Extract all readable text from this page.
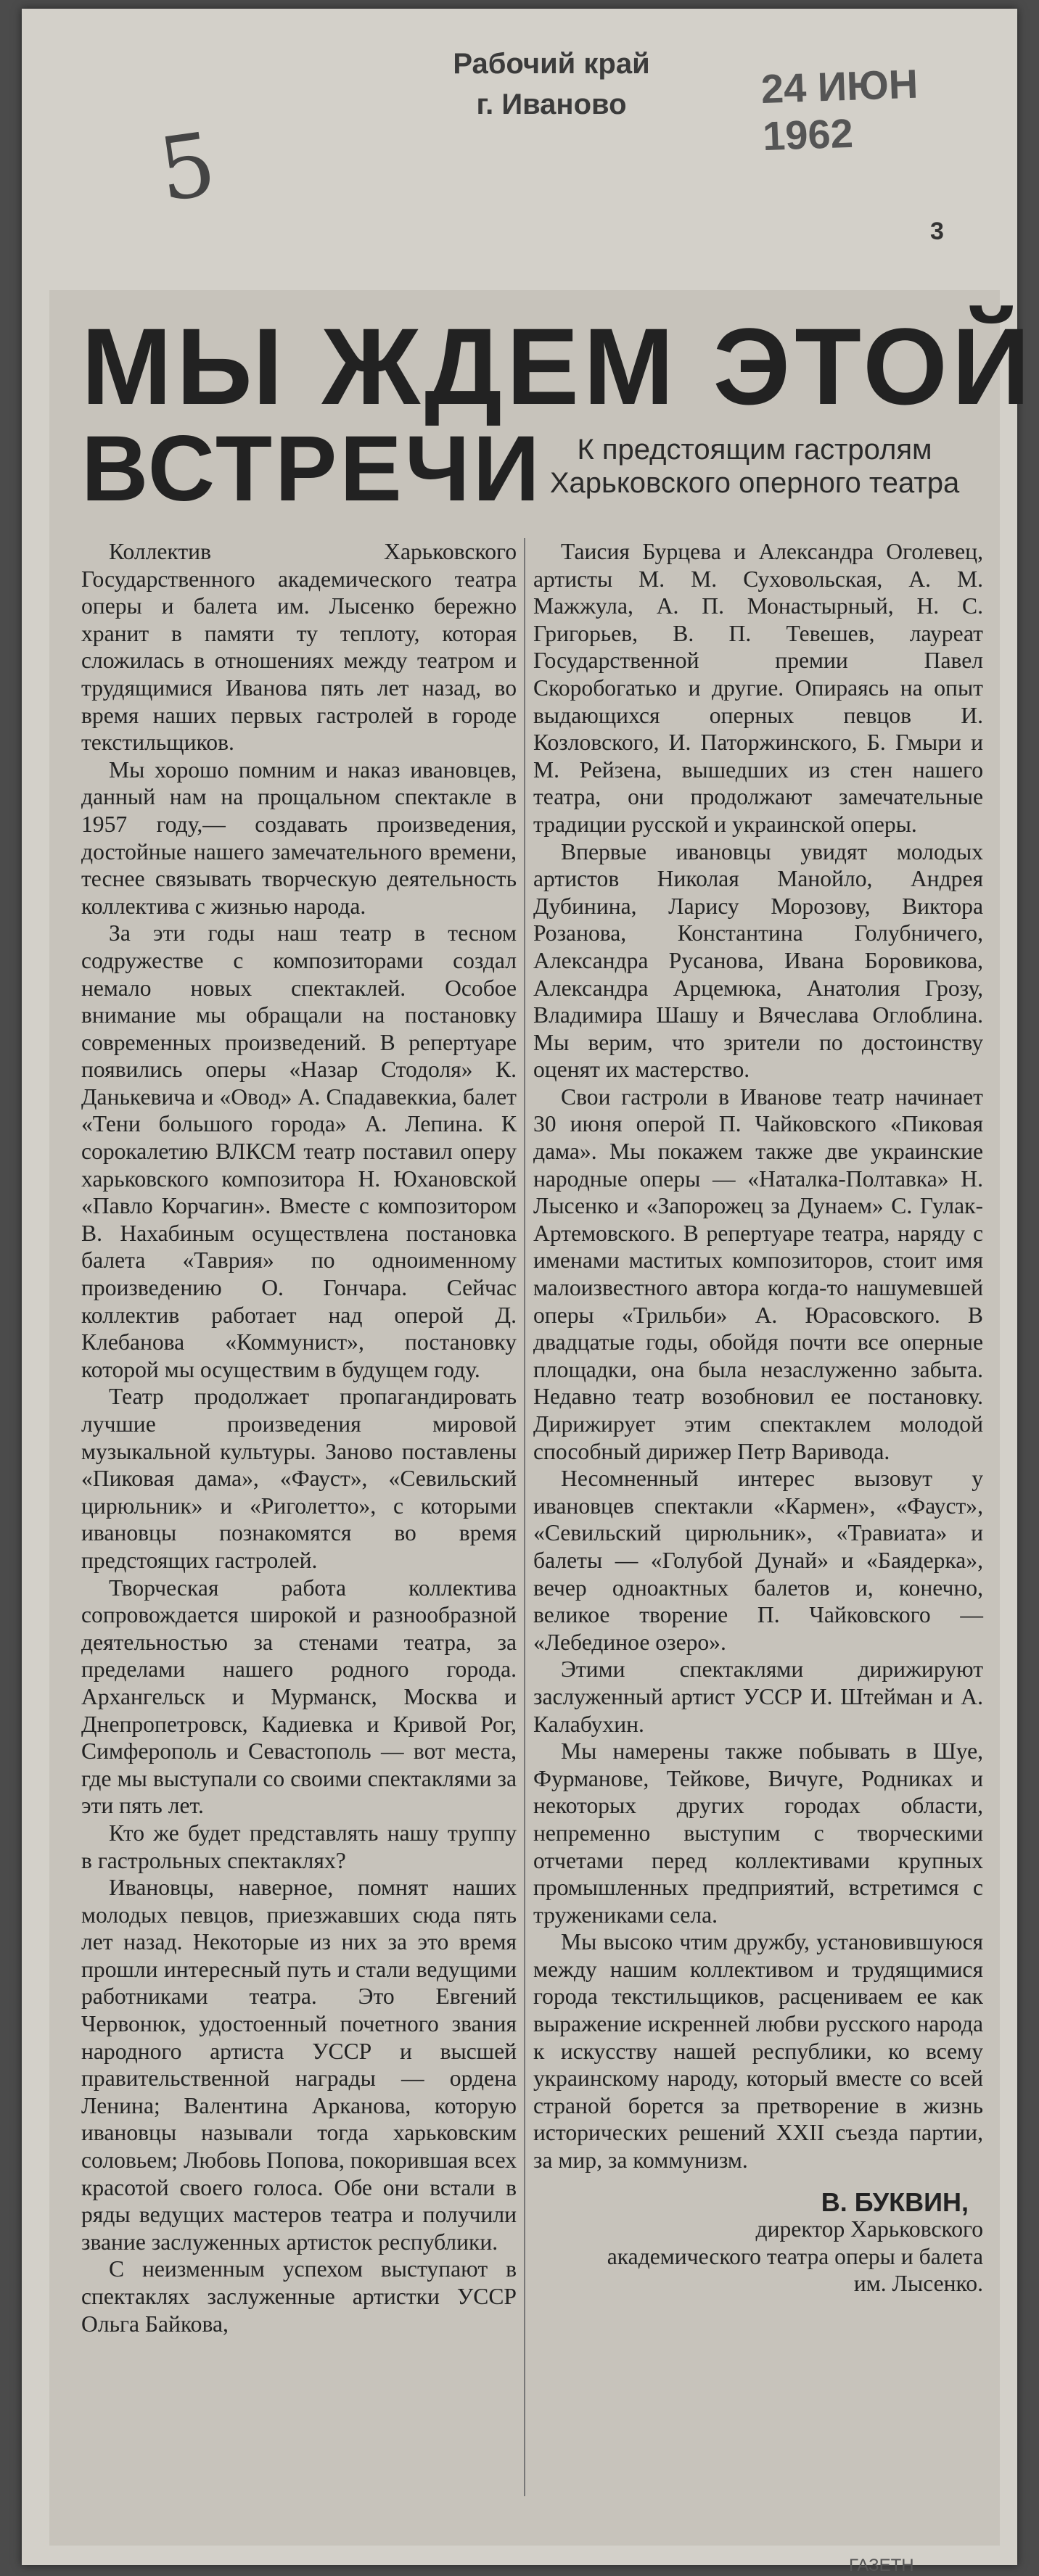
Рабочий край
г. Иваново	24 ИЮН 1962
5
3
МЫ ЖДЕМ ЭТОЙ
ВСТРЕЧИ	К предстоящим гастролям Харьковского оперного театра

Коллектив Харьковского Государственного академического театра оперы и балета им. Лысенко бережно хранит в памяти ту теплоту, которая сложилась в отношениях между театром и трудящимися Иванова пять лет назад, во время наших первых гастролей в городе текстильщиков.

Мы хорошо помним и наказ ивановцев, данный нам на прощальном спектакле в 1957 году,— создавать произведения, достойные нашего замечательного времени, теснее связывать творческую деятельность коллектива с жизнью народа.

За эти годы наш театр в тесном содружестве с композиторами создал немало новых спектаклей. Особое внимание мы обращали на постановку современных произведений. В репертуаре появились оперы «Назар Стодоля» К. Данькевича и «Овод» А. Спадавеккиа, балет «Тени большого города» А. Лепина. К сорокалетию ВЛКСМ театр поставил оперу харьковского композитора Н. Юхановской «Павло Корчагин». Вместе с композитором В. Нахабиным осуществлена постановка балета «Таврия» по одноименному произведению О. Гончара. Сейчас коллектив работает над оперой Д. Клебанова «Коммунист», постановку которой мы осуществим в будущем году.

Театр продолжает пропагандировать лучшие произведения мировой музыкальной культуры. Заново поставлены «Пиковая дама», «Фауст», «Севильский цирюльник» и «Риголетто», с которыми ивановцы познакомятся во время предстоящих гастролей.

Творческая работа коллектива сопровождается широкой и разнообразной деятельностью за стенами театра, за пределами нашего родного города. Архангельск и Мурманск, Москва и Днепропетровск, Кадиевка и Кривой Рог, Симферополь и Севастополь — вот места, где мы выступали со своими спектаклями за эти пять лет.

Кто же будет представлять нашу труппу в гастрольных спектаклях?

Ивановцы, наверное, помнят наших молодых певцов, приезжавших сюда пять лет назад. Некоторые из них за это время прошли интересный путь и стали ведущими работниками театра. Это Евгений Червонюк, удостоенный почетного звания народного артиста УССР и высшей правительственной награды — ордена Ленина; Валентина Арканова, которую ивановцы называли тогда харьковским соловьем; Любовь Попова, покорившая всех красотой своего голоса. Обе они встали в ряды ведущих мастеров театра и получили звание заслуженных артисток республики.

С неизменным успехом выступают в спектаклях заслуженные артистки УССР Ольга Байкова,

Таисия Бурцева и Александра Оголевец, артисты М. М. Суховольская, А. М. Мажжула, А. П. Монастырный, Н. С. Григорьев, В. П. Тевешев, лауреат Государственной премии Павел Скоробогатько и другие. Опираясь на опыт выдающихся оперных певцов И. Козловского, И. Паторжинского, Б. Гмыри и М. Рейзена, вышедших из стен нашего театра, они продолжают замечательные традиции русской и украинской оперы.

Впервые ивановцы увидят молодых артистов Николая Манойло, Андрея Дубинина, Ларису Морозову, Виктора Розанова, Константина Голубничего, Александра Русанова, Ивана Боровикова, Александра Арцемюка, Анатолия Грозу, Владимира Шашу и Вячеслава Оглоблина. Мы верим, что зрители по достоинству оценят их мастерство.

Свои гастроли в Иванове театр начинает 30 июня оперой П. Чайковского «Пиковая дама». Мы покажем также две украинские народные оперы — «Наталка-Полтавка» Н. Лысенко и «Запорожец за Дунаем» С. Гулак-Артемовского. В репертуаре театра, наряду с именами маститых композиторов, стоит имя малоизвестного автора когда-то нашумевшей оперы «Трильби» А. Юрасовского. В двадцатые годы, обойдя почти все оперные площадки, она была незаслуженно забыта. Недавно театр возобновил ее постановку. Дирижирует этим спектаклем молодой способный дирижер Петр Варивода.

Несомненный интерес вызовут у ивановцев спектакли «Кармен», «Фауст», «Севильский цирюльник», «Травиата» и балеты — «Голубой Дунай» и «Баядерка», вечер одноактных балетов и, конечно, великое творение П. Чайковского — «Лебединое озеро».

Этими спектаклями дирижируют заслуженный артист УССР И. Штейман и А. Калабухин.

Мы намерены также побывать в Шуе, Фурманове, Тейкове, Вичуге, Родниках и некоторых других городах области, непременно выступим с творческими отчетами перед коллективами крупных промышленных предприятий, встретимся с тружениками села.

Мы высоко чтим дружбу, установившуюся между нашим коллективом и трудящимися города текстильщиков, расцениваем ее как выражение искренней любви русского народа к искусству нашей республики, ко всему украинскому народу, который вместе со всей страной борется за претворение в жизнь исторических решений XXII съезда партии, за мир, за коммунизм.

В. БУКВИН,

директор Харьковского академического театра оперы и балета им. Лысенко.

ГАЗЕТН
